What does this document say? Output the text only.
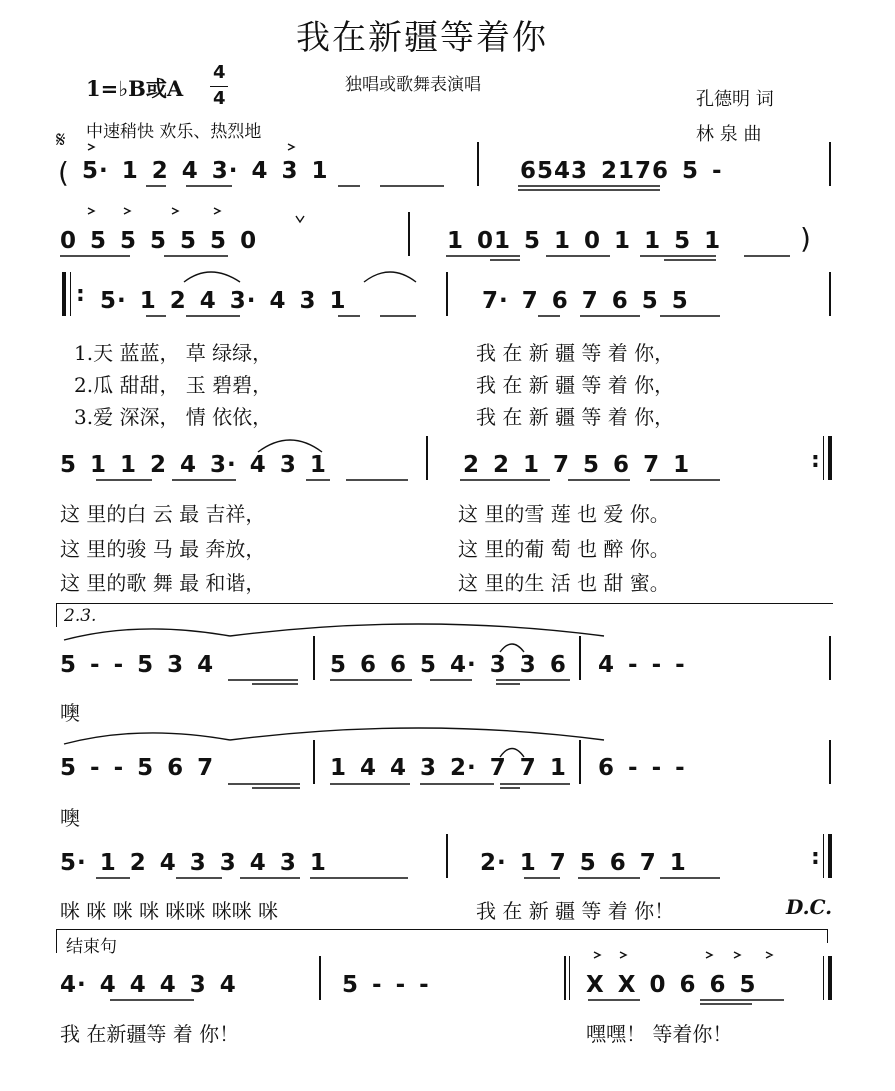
我在新疆等着你
1=♭B或A
4
4
独唱或歌舞表演唱
中速稍快 欢乐、热烈地
孔德明 词
林 泉 曲
𝄋
( 5· 1 2 4 3· 4 3 1	6543 2176 5 -
0 5 5 5 5 5 0	1 01 5 1 0 1 1 5 1	)
: 5· 1 2 4 3· 4 3 1	7· 7 6 7 6 5 5
1.天 蓝蓝， 草 绿绿，	我 在 新 疆 等 着 你，
2.瓜 甜甜， 玉 碧碧，	我 在 新 疆 等 着 你，
3.爱 深深， 情 依依，	我 在 新 疆 等 着 你，
5 1 1 2 4 3· 4 3 1	2 2 1 7 5 6 7 1	:
这 里的白 云 最 吉祥，	这 里的雪 莲 也 爱 你。
这 里的骏 马 最 奔放，	这 里的葡 萄 也 醉 你。
这 里的歌 舞 最 和谐，	这 里的生 活 也 甜 蜜。
2.3.
5 - - 5 3 4	5 6 6 5 4· 3 3 6 4 - - -
噢
5 - - 5 6 7	1 4 4 3 2· 7 7 1 6 - - -
噢
5· 1 2 4 3 3 4 3 1	2· 1 7 5 6 7 1	:
咪 咪 咪 咪 咪咪 咪咪 咪	我 在 新 疆 等 着 你！	D.C.
结束句
4· 4 4 4 3 4	5 - - -	X X 0 6 6 5
我 在新疆等 着 你！	嘿嘿！ 等着你！
